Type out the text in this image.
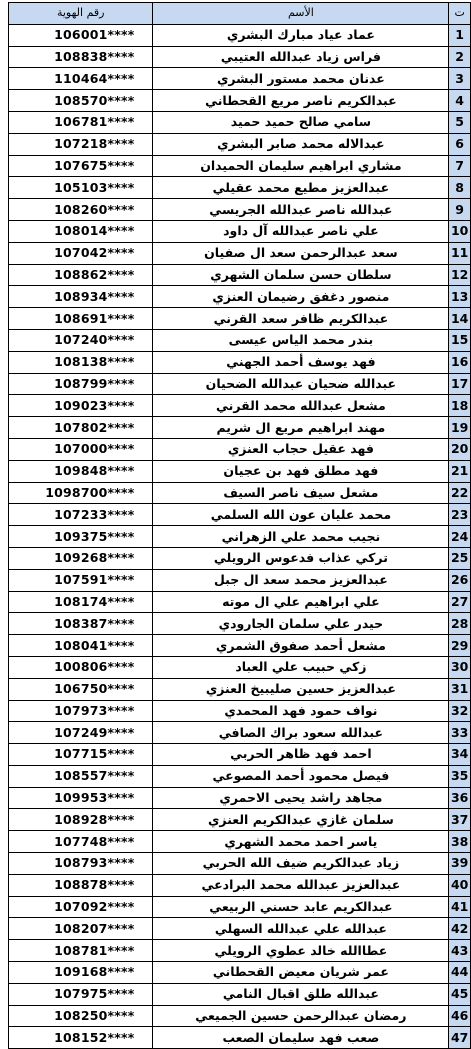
رقم الهوية	الأسم	ت
106001****	عماد عياد مبارك البشري	1
108838****	فراس زياد عبدالله العتيبي	2
110464****	عدنان محمد مستور البشري	3
108570****	عبدالكريم ناصر مريع القحطاني	4
106781****	سامي صالح حميد حميد	5
107218****	عبدالاله محمد صابر البشري	6
107675****	مشاري ابراهيم سليمان الحميدان	7
105103****	عبدالعزيز مطيع محمد عقيلي	8
108260****	عبدالله ناصر عبدالله الجريسي	9
108014****	علي ناصر عبدالله آل داود	10
107042****	سعد عبدالرحمن سعد ال صفيان	11
108862****	سلطان حسن سلمان الشهري	12
108934****	منصور دغفق رضيمان العنزي	13
108691****	عبدالكريم ظافر سعد القرني	14
107240****	بندر محمد الياس عيسى	15
108138****	فهد يوسف أحمد الجهني	16
108799****	عبدالله ضحيان عبدالله الضحيان	17
109023****	مشعل عبدالله محمد القرني	18
107802****	مهند ابراهيم مريع ال شريم	19
107000****	فهد عقيل حجاب العنزي	20
109848****	فهد مطلق فهد بن عجيان	21
1098700****	مشعل سيف ناصر السيف	22
107233****	محمد عليان عون الله السلمي	23
109375****	نجيب محمد علي الزهراني	24
109268****	تركي عذاب فدعوس الرويلي	25
107591****	عبدالعزيز محمد سعد ال جبل	26
108174****	علي ابراهيم علي ال موته	27
108387****	حيدر علي سلمان الجارودي	28
108041****	مشعل أحمد صفوق الشمري	29
100806****	زكي حبيب علي العباد	30
106750****	عبدالعزيز حسين صليبيخ العنزي	31
107973****	نواف حمود فهد المحمدي	32
107249****	عبدالله سعود براك الصافي	33
107715****	احمد فهد ظاهر الحربي	34
108557****	فيصل محمود أحمد المصوعي	35
109953****	مجاهد راشد يحيى الاحمري	36
108928****	سلمان غازي عبدالكريم العنزي	37
107748****	ياسر احمد محمد الشهري	38
108793****	زياد عبدالكريم ضيف الله الحربي	39
108878****	عبدالعزيز عبدالله محمد البرادعي	40
107092****	عبدالكريم عابد حسني الربيعي	41
108207****	عبدالله علي عبدالله السهلي	42
108781****	عطاالله خالد عطوي الرويلي	43
109168****	عمر شريان معيض القحطاني	44
107975****	عبدالله طلق اقبال النامي	45
108250****	رمضان عبدالرحمن حسين الجميعي	46
108152****	صعب فهد سليمان الصعب	47
